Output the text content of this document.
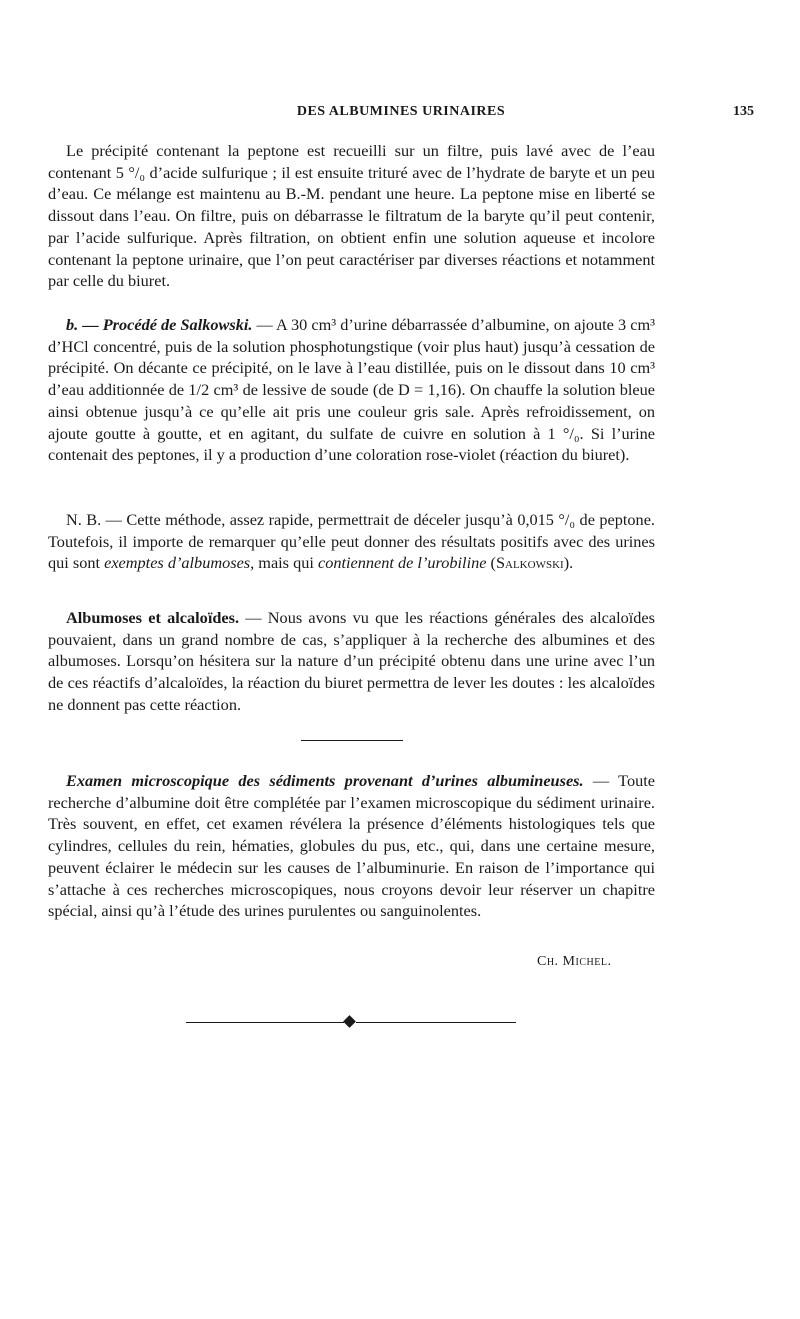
DES ALBUMINES URINAIRES	135

Le précipité contenant la peptone est recueilli sur un filtre, puis lavé avec de l’eau contenant 5 °/₀ d’acide sulfurique ; il est ensuite trituré avec de l’hydrate de baryte et un peu d’eau. Ce mélange est maintenu au B.-M. pendant une heure. La peptone mise en liberté se dissout dans l’eau. On filtre, puis on débarrasse le filtratum de la baryte qu’il peut contenir, par l’acide sulfurique. Après filtration, on obtient enfin une solution aqueuse et incolore contenant la peptone urinaire, que l’on peut caractériser par diverses réactions et notamment par celle du biuret.

b. — Procédé de Salkowski. — A 30 cm³ d’urine débarrassée d’albumine, on ajoute 3 cm³ d’HCl concentré, puis de la solution phosphotungstique (voir plus haut) jusqu’à cessation de précipité. On décante ce précipité, on le lave à l’eau distillée, puis on le dissout dans 10 cm³ d’eau additionnée de 1/2 cm³ de lessive de soude (de D = 1,16). On chauffe la solution bleue ainsi obtenue jusqu’à ce qu’elle ait pris une couleur gris sale. Après refroidissement, on ajoute goutte à goutte, et en agitant, du sulfate de cuivre en solution à 1 °/₀. Si l’urine contenait des peptones, il y a production d’une coloration rose-violet (réaction du biuret).

N. B. — Cette méthode, assez rapide, permettrait de déceler jusqu’à 0,015 °/₀ de peptone. Toutefois, il importe de remarquer qu’elle peut donner des résultats positifs avec des urines qui sont exemptes d’albumoses, mais qui contiennent de l’urobiline (Salkowski).

Albumoses et alcaloïdes. — Nous avons vu que les réactions générales des alcaloïdes pouvaient, dans un grand nombre de cas, s’appliquer à la recherche des albumines et des albumoses. Lorsqu’on hésitera sur la nature d’un précipité obtenu dans une urine avec l’un de ces réactifs d’alcaloïdes, la réaction du biuret permettra de lever les doutes : les alcaloïdes ne donnent pas cette réaction.

Examen microscopique des sédiments provenant d’urines albumineuses. — Toute recherche d’albumine doit être complétée par l’examen microscopique du sédiment urinaire. Très souvent, en effet, cet examen révélera la présence d’éléments histologiques tels que cylindres, cellules du rein, hématies, globules du pus, etc., qui, dans une certaine mesure, peuvent éclairer le médecin sur les causes de l’albuminurie. En raison de l’importance qui s’attache à ces recherches microscopiques, nous croyons devoir leur réserver un chapitre spécial, ainsi qu’à l’étude des urines purulentes ou sanguinolentes.

Ch. Michel.
